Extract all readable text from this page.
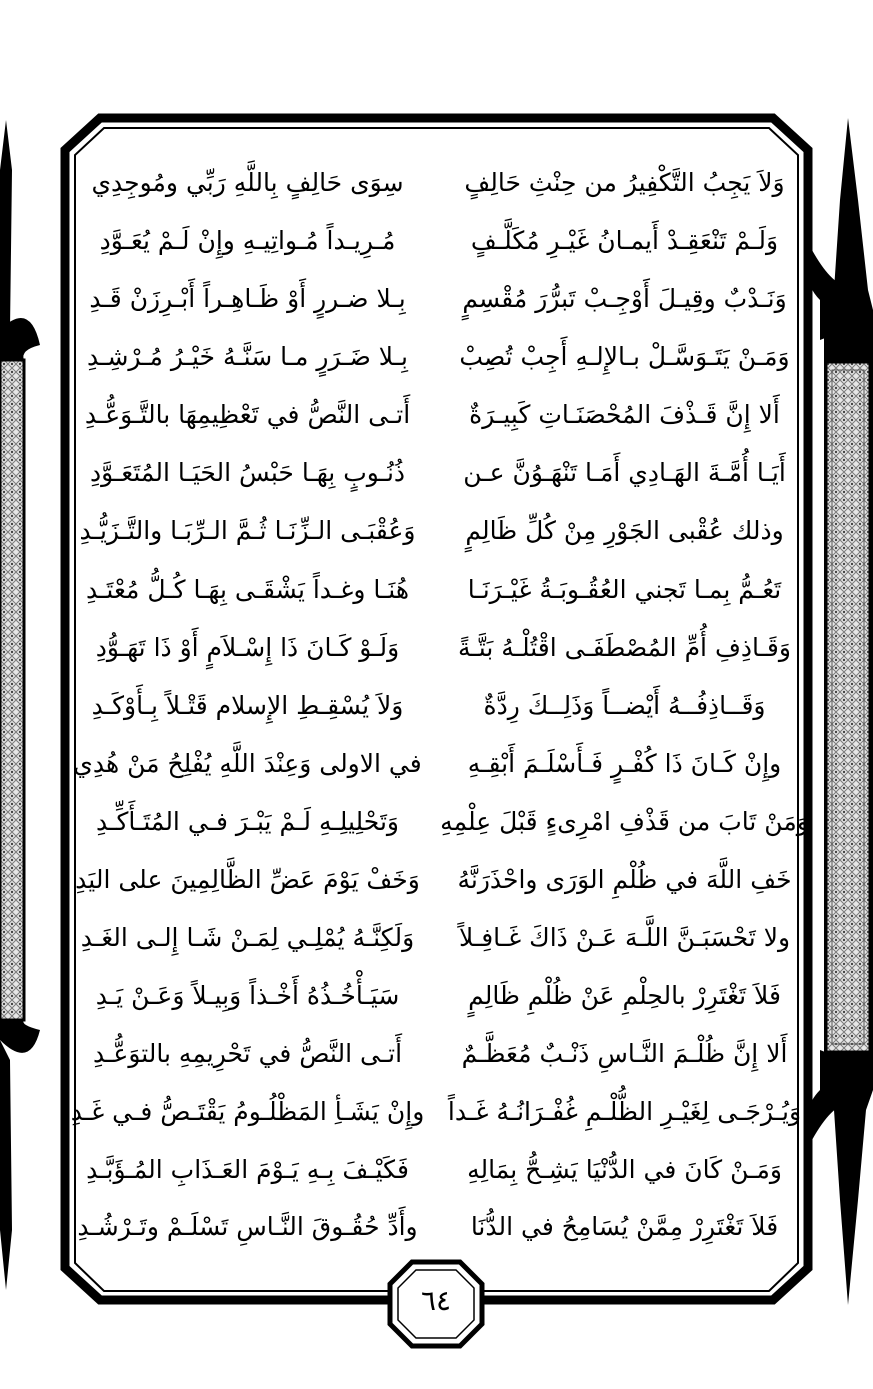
وَلاَ يَجِبُ التَّكْفِيرُ من حِنْثِ حَالِفٍ
سِوَى حَالِفٍ بِاللَّهِ رَبِّي ومُوجِدِي
وَلَـمْ تَنْعَقِـدْ أَيمـانُ غَيْـرِ مُكَلَّـفٍ
مُـرِيـداً مُـواتِيـهِ وإِنْ لَـمْ يُعَـوَّدِ
وَنَـدْبٌ وقِيـلَ أَوْجِـبْ تَبرُّرَ مُقْسِمٍ
بِـلا ضـررٍ أَوْ ظَـاهِـراً أَبْـرِزَنْ قَـدِ
وَمَـنْ يَتَـوَسَّـلْ بـالإِلـهِ أَجِبْ تُصِبْ
بِـلا ضَـرَرٍ مـا سَنَّـهُ خَيْـرُ مُـرْشِـدِ
أَلا إِنَّ قَـذْفَ المُحْصَنَـاتِ كَبِيـرَةٌ
أَتـى النَّصُّ في تَعْظِيمِهَا بالتَّـوَعُّـدِ
أَيَـا أُمَّـةَ الهَـادِي أَمَـا تَنْهَـوُنَّ عـن
ذُنُـوبٍ بِهَـا حَبْسُ الحَيَـا المُتَعَـوَّدِ
وذلك عُقْبى الجَوْرِ مِنْ كُلِّ ظَالِمٍ
وَعُقْبَـى الـزِّنَـا ثُـمَّ الـرِّبَـا والتَّـزَيُّـدِ
تَعُـمُّ بِمـا تَجني العُقُـوبَـةُ غَيْـرَنَـا
هُنَـا وغـداً يَشْقَـى بِهَـا كُـلُّ مُعْتَـدِ
وَقَـاذِفِ أُمِّ المُصْطَفَـى اقْتُلْـهُ بَتَّـةً
وَلَـوْ كَـانَ ذَا إِسْـلاَمٍ أَوْ ذَا تَهَـوُّدِ
وَقَــاذِفُــهُ أَيْضــاً وَذَلِــكَ رِدَّةٌ
وَلاَ يُسْقِـطِ الإِسلام قَتْـلاً بِـأَوْكَـدِ
وإِنْ كَـانَ ذَا كُفْـرٍ فَـأَسْلَـمَ أَبْقِـهِ
في الاولى وَعِنْدَ اللَّهِ يُفْلِحُ مَنْ هُدِي
وَمَنْ تَابَ من قَذْفِ امْرِىءٍ قَبْلَ عِلْمِهِ
وَتَحْلِيلِـهِ لَـمْ يَبْـرَ فـي المُتَـأَكِّـدِ
خَفِ اللَّهَ في ظُلْمِ الوَرَى واحْذَرَنَّهُ
وَخَفْ يَوْمَ عَضِّ الظَّالِمِينَ على اليَدِ
ولا تَحْسَبَـنَّ اللَّـهَ عَـنْ ذَاكَ غَـافِـلاً
وَلَكِنَّـهُ يُمْلِـي لِمَـنْ شَـا إِلـى الغَـدِ
فَلاَ تَغْتَرِرْ بالحِلْمِ عَنْ ظُلْمِ ظَالِمٍ
سَيَـأْخُـذُهُ أَخْـذاً وَبِيـلاً وَعَـنْ يَـدِ
أَلا إِنَّ ظُلْـمَ النَّـاسِ ذَنْـبٌ مُعَظَّـمٌ
أَتـى النَّصُّ في تَحْرِيمِهِ بالتوَعُّـدِ
وَيُـرْجَـى لِغَيْـرِ الظُّلْـمِ غُفْـرَانُـهُ غَـداً
وإِنْ يَشَـأِ المَظْلُـومُ يَقْتَـصُّ فـي غَـدِ
وَمَـنْ كَانَ في الدُّنْيَا يَشِـحُّ بِمَالِهِ
فَكَيْـفَ بِـهِ يَـوْمَ العَـذَابِ المُـؤَبَّـدِ
فَلاَ تَغْتَرِرْ مِمَّنْ يُسَامِحُ في الدُّنَا
وأَدِّ حُقُـوقَ النَّـاسِ تَسْلَـمْ وتَـرْشُـدِ
٦٤
